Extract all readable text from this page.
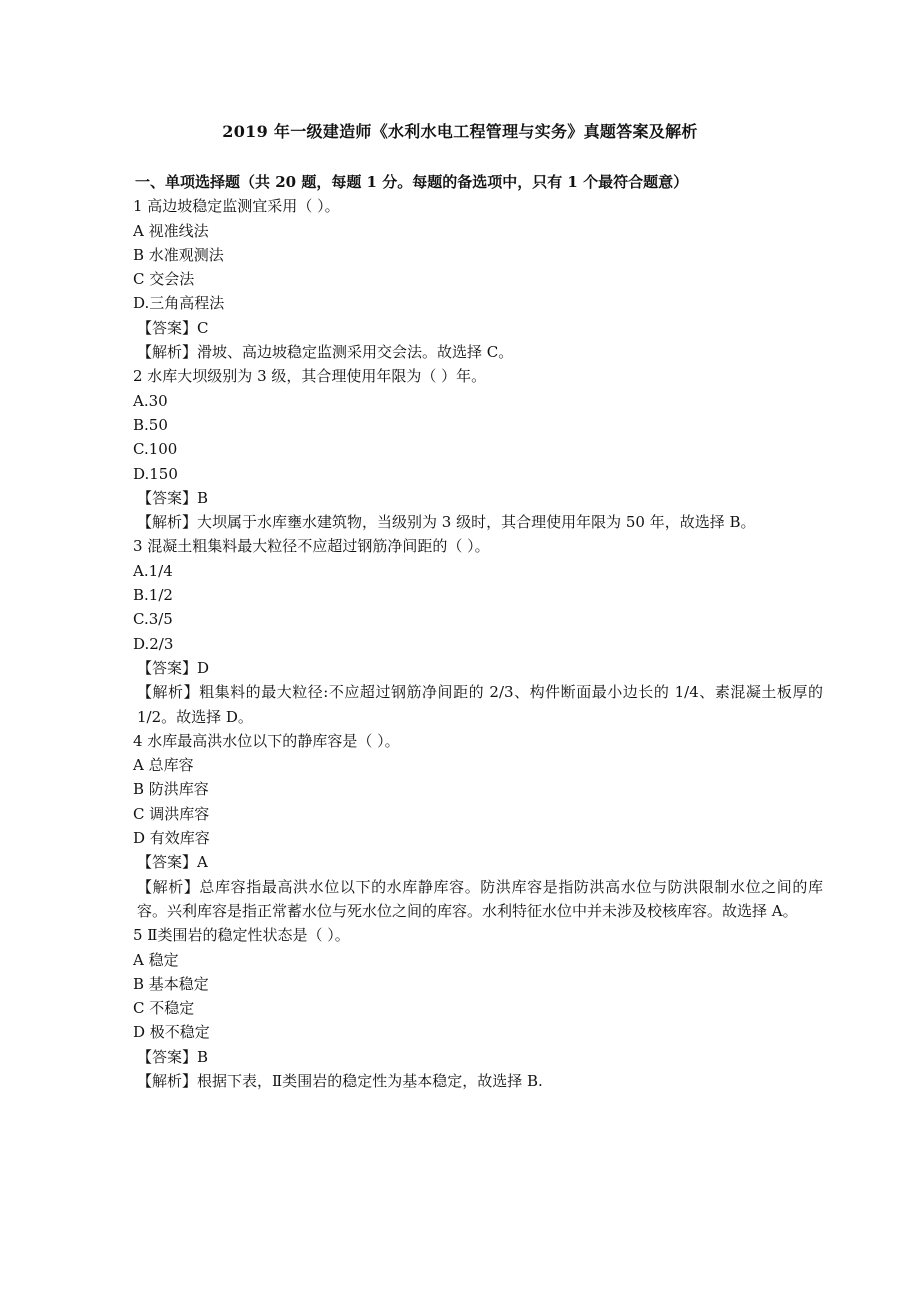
2019 年一级建造师《水利水电工程管理与实务》真题答案及解析
一、单项选择题（共 20 题，每题 1 分。每题的备选项中，只有 1 个最符合题意）
1 高边坡稳定监测宜采用（ ）。
A 视准线法
B 水准观测法
C 交会法
D.三角高程法
【答案】C
【解析】滑坡、高边坡稳定监测采用交会法。故选择 C。
2 水库大坝级别为 3 级，其合理使用年限为（ ）年。
A.30
B.50
C.100
D.150
【答案】B
【解析】大坝属于水库壅水建筑物，当级别为 3 级时，其合理使用年限为 50 年，故选择 B。
3 混凝土粗集料最大粒径不应超过钢筋净间距的（ ）。
A.1/4
B.1/2
C.3/5
D.2/3
【答案】D
【解析】粗集料的最大粒径:不应超过钢筋净间距的 2/3、构件断面最小边长的 1/4、素混凝土板厚的 1/2。故选择 D。
4 水库最高洪水位以下的静库容是（ ）。
A 总库容
B 防洪库容
C 调洪库容
D 有效库容
【答案】A
【解析】总库容指最高洪水位以下的水库静库容。防洪库容是指防洪高水位与防洪限制水位之间的库容。兴利库容是指正常蓄水位与死水位之间的库容。水利特征水位中并未涉及校核库容。故选择 A。
5 Ⅱ类围岩的稳定性状态是（ ）。
A 稳定
B 基本稳定
C 不稳定
D 极不稳定
【答案】B
【解析】根据下表，Ⅱ类围岩的稳定性为基本稳定，故选择 B.
